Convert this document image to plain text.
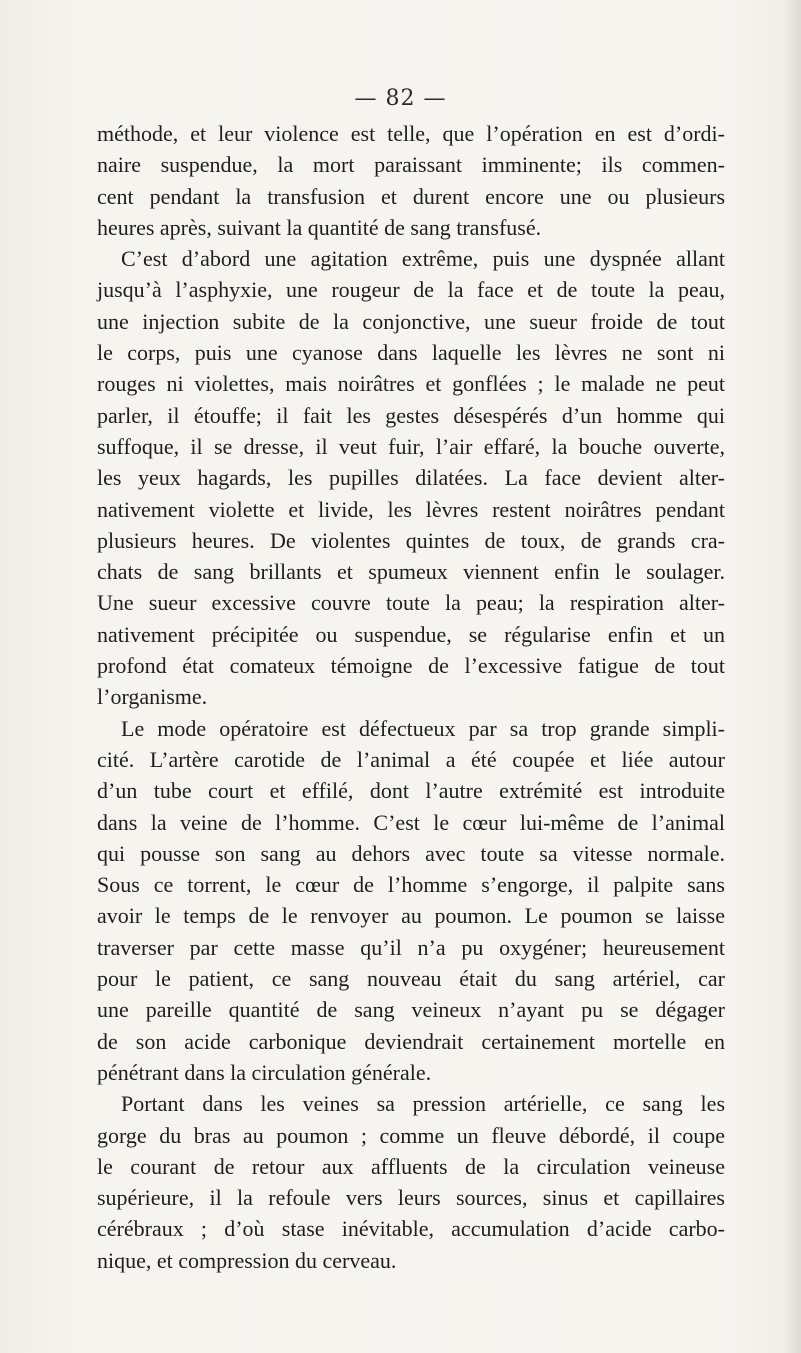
— 82 —
méthode, et leur violence est telle, que l’opération en est d’ordi-
naire suspendue, la mort paraissant imminente; ils commen-
cent pendant la transfusion et durent encore une ou plusieurs
heures après, suivant la quantité de sang transfusé.
C’est d’abord une agitation extrême, puis une dyspnée allant
jusqu’à l’asphyxie, une rougeur de la face et de toute la peau,
une injection subite de la conjonctive, une sueur froide de tout
le corps, puis une cyanose dans laquelle les lèvres ne sont ni
rouges ni violettes, mais noirâtres et gonflées ; le malade ne peut
parler, il étouffe; il fait les gestes désespérés d’un homme qui
suffoque, il se dresse, il veut fuir, l’air effaré, la bouche ouverte,
les yeux hagards, les pupilles dilatées. La face devient alter-
nativement violette et livide, les lèvres restent noirâtres pendant
plusieurs heures. De violentes quintes de toux, de grands cra-
chats de sang brillants et spumeux viennent enfin le soulager.
Une sueur excessive couvre toute la peau; la respiration alter-
nativement précipitée ou suspendue, se régularise enfin et un
profond état comateux témoigne de l’excessive fatigue de tout
l’organisme.
Le mode opératoire est défectueux par sa trop grande simpli-
cité. L’artère carotide de l’animal a été coupée et liée autour
d’un tube court et effilé, dont l’autre extrémité est introduite
dans la veine de l’homme. C’est le cœur lui-même de l’animal
qui pousse son sang au dehors avec toute sa vitesse normale.
Sous ce torrent, le cœur de l’homme s’engorge, il palpite sans
avoir le temps de le renvoyer au poumon. Le poumon se laisse
traverser par cette masse qu’il n’a pu oxygéner; heureusement
pour le patient, ce sang nouveau était du sang artériel, car
une pareille quantité de sang veineux n’ayant pu se dégager
de son acide carbonique deviendrait certainement mortelle en
pénétrant dans la circulation générale.
Portant dans les veines sa pression artérielle, ce sang les
gorge du bras au poumon ; comme un fleuve débordé, il coupe
le courant de retour aux affluents de la circulation veineuse
supérieure, il la refoule vers leurs sources, sinus et capillaires
cérébraux ; d’où stase inévitable, accumulation d’acide carbo-
nique, et compression du cerveau.
